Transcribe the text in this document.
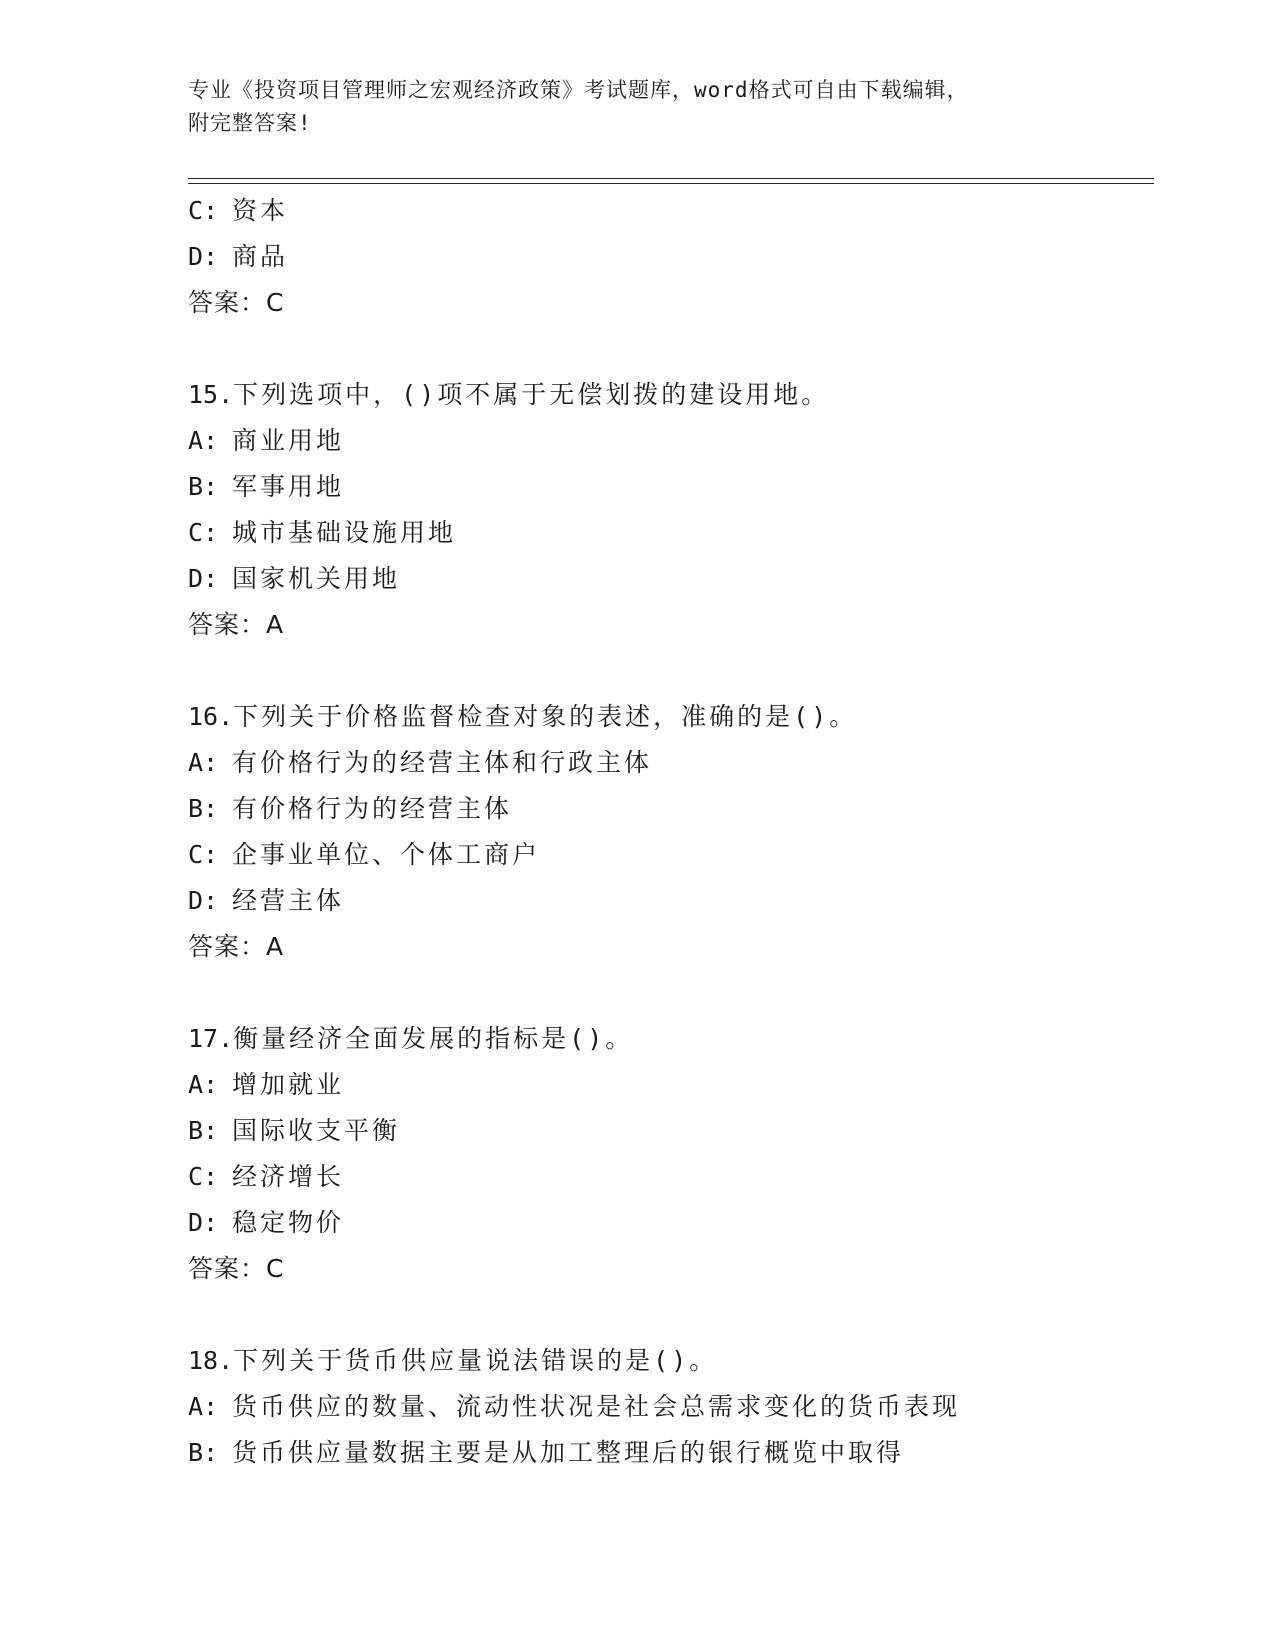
专业《投资项目管理师之宏观经济政策》考试题库，word格式可自由下载编辑，
附完整答案!
C: 资本
D: 商品
答案：C
15.下列选项中，()项不属于无偿划拨的建设用地。
A: 商业用地
B: 军事用地
C: 城市基础设施用地
D: 国家机关用地
答案：A
16.下列关于价格监督检查对象的表述，准确的是()。
A: 有价格行为的经营主体和行政主体
B: 有价格行为的经营主体
C: 企事业单位、个体工商户
D: 经营主体
答案：A
17.衡量经济全面发展的指标是()。
A: 增加就业
B: 国际收支平衡
C: 经济增长
D: 稳定物价
答案：C
18.下列关于货币供应量说法错误的是()。
A: 货币供应的数量、流动性状况是社会总需求变化的货币表现
B: 货币供应量数据主要是从加工整理后的银行概览中取得
